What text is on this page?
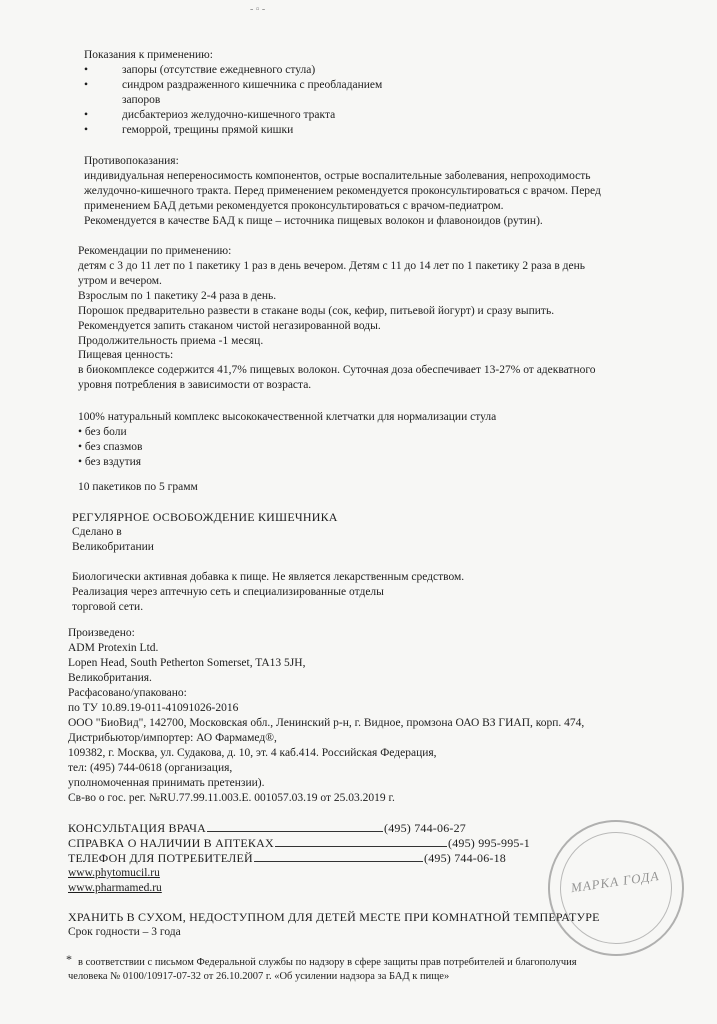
- ▫ -
Показания к применению:
•	запоры (отсутствие ежедневного стула)
•	синдром раздраженного кишечника с преобладанием
запоров
•	дисбактериоз желудочно-кишечного тракта
•	геморрой, трещины прямой кишки
Противопоказания:
индивидуальная непереносимость компонентов, острые воспалительные заболевания, непроходимость
желудочно-кишечного тракта. Перед применением рекомендуется проконсультироваться с врачом. Перед
применением БАД детьми рекомендуется проконсультироваться с врачом-педиатром.
Рекомендуется в качестве БАД к пище – источника пищевых волокон и флавоноидов (рутин).
Рекомендации по применению:
детям с 3 до 11 лет по 1 пакетику 1 раз в день вечером. Детям с 11 до 14 лет по 1 пакетику 2 раза в день
утром и вечером.
Взрослым по 1 пакетику 2-4 раза в день.
Порошок предварительно развести в стакане воды (сок, кефир, питьевой йогурт) и сразу выпить.
Рекомендуется запить стаканом чистой негазированной воды.
Продолжительность приема -1 месяц.
Пищевая ценность:
в биокомплексе содержится 41,7% пищевых волокон. Суточная доза обеспечивает 13-27% от адекватного
уровня потребления в зависимости от возраста.
100% натуральный комплекс высококачественной клетчатки для нормализации стула
• без боли
• без спазмов
• без вздутия
10 пакетиков по 5 грамм
РЕГУЛЯРНОЕ ОСВОБОЖДЕНИЕ КИШЕЧНИКА
Сделано в
Великобритании
Биологически активная добавка к пище. Не является лекарственным средством.
Реализация через аптечную сеть и специализированные отделы
торговой сети.
Произведено:
ADM Protexin Ltd.
Lopen Head, South Petherton Somerset, TA13 5JH,
Великобритания.
Расфасовано/упаковано:
по ТУ 10.89.19-011-41091026-2016
ООО "БиоВид", 142700, Московская обл., Ленинский р-н, г. Видное, промзона ОАО ВЗ ГИАП, корп. 474,
Дистрибьютор/импортер: АО Фармамед®,
109382, г. Москва, ул. Судакова, д. 10, эт. 4 каб.414. Российская Федерация,
тел: (495) 744-0618 (организация,
уполномоченная принимать претензии).
Св-во о гос. рег. №RU.77.99.11.003.E. 001057.03.19 от 25.03.2019 г.
КОНСУЛЬТАЦИЯ ВРАЧА	(495) 744-06-27
СПРАВКА О НАЛИЧИИ В АПТЕКАХ	(495) 995-995-1
ТЕЛЕФОН ДЛЯ ПОТРЕБИТЕЛЕЙ	(495) 744-06-18
www.phytomucil.ru
www.pharmamed.ru
ХРАНИТЬ В СУХОМ, НЕДОСТУПНОМ ДЛЯ ДЕТЕЙ МЕСТЕ ПРИ КОМНАТНОЙ ТЕМПЕРАТУРЕ
Срок годности – 3 года
МАРКА ГОДА
* в соответствии с письмом Федеральной службы по надзору в сфере защиты прав потребителей и благополучия
человека № 0100/10917-07-32 от 26.10.2007 г. «Об усилении надзора за БАД к пище»
